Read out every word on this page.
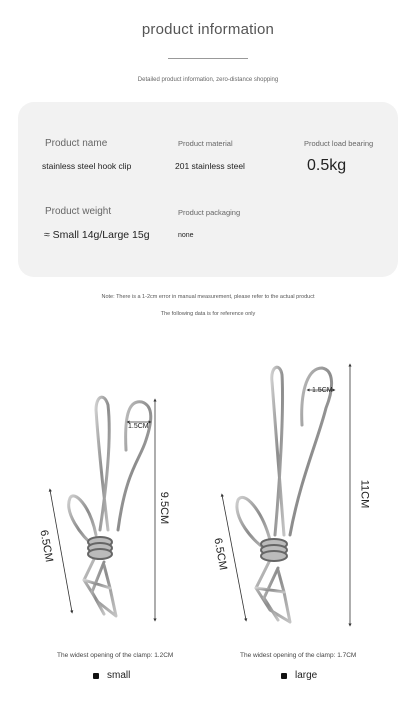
product information
Detailed product information, zero-distance shopping
Product name
stainless steel hook clip
Product material
201 stainless steel
Product load bearing
0.5kg
Product weight
≈ Small 14g/Large 15g
Product packaging
none
Note: There is a 1-2cm error in manual measurement, please refer to the actual product
The following data is for reference only
1.5CM
9.5CM
6.5CM
1.5CM
11CM
6.5CM
The widest opening of the clamp: 1.2CM	The widest opening of the clamp: 1.7CM
small	large
